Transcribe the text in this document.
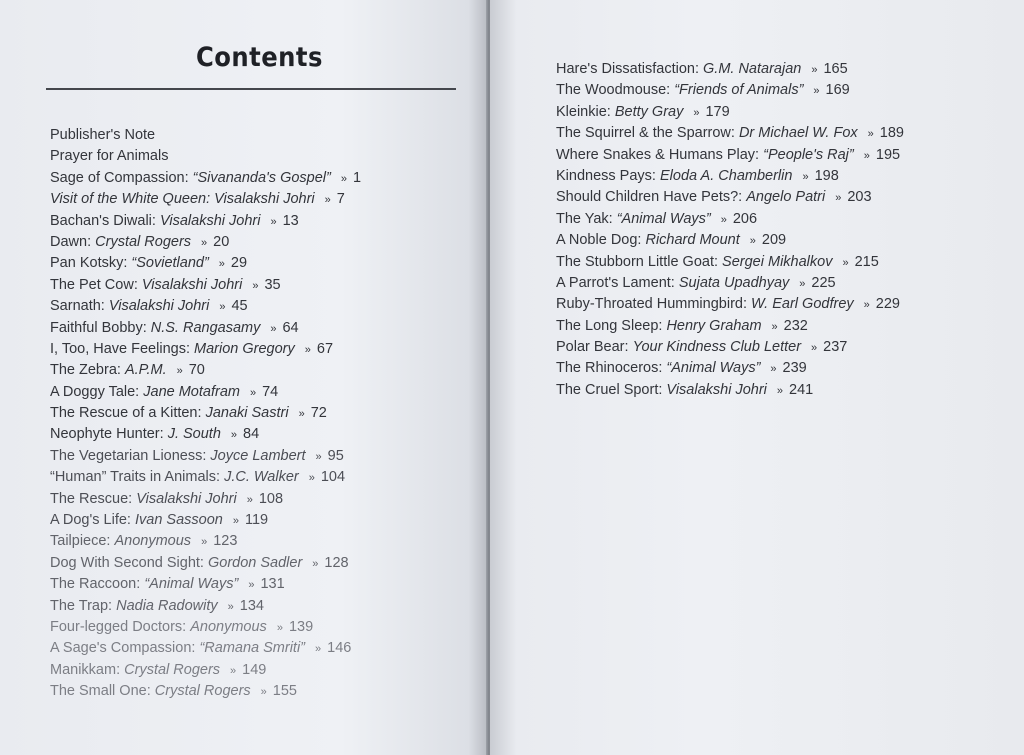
Contents
Publisher's Note
Prayer for Animals
Sage of Compassion: “Sivananda's Gospel” » 1
Visit of the White Queen: Visalakshi Johri » 7
Bachan's Diwali: Visalakshi Johri » 13
Dawn: Crystal Rogers » 20
Pan Kotsky: “Sovietland” » 29
The Pet Cow: Visalakshi Johri » 35
Sarnath: Visalakshi Johri » 45
Faithful Bobby: N.S. Rangasamy » 64
I, Too, Have Feelings: Marion Gregory » 67
The Zebra: A.P.M. » 70
A Doggy Tale: Jane Motafram » 74
The Rescue of a Kitten: Janaki Sastri » 72
Neophyte Hunter: J. South » 84
The Vegetarian Lioness: Joyce Lambert » 95
“Human” Traits in Animals: J.C. Walker » 104
The Rescue: Visalakshi Johri » 108
A Dog's Life: Ivan Sassoon » 119
Tailpiece: Anonymous » 123
Dog With Second Sight: Gordon Sadler » 128
The Raccoon: “Animal Ways” » 131
The Trap: Nadia Radowity » 134
Four-legged Doctors: Anonymous » 139
A Sage's Compassion: “Ramana Smriti” » 146
Manikkam: Crystal Rogers » 149
The Small One: Crystal Rogers » 155
Hare's Dissatisfaction: G.M. Natarajan » 165
The Woodmouse: “Friends of Animals” » 169
Kleinkie: Betty Gray » 179
The Squirrel & the Sparrow: Dr Michael W. Fox » 189
Where Snakes & Humans Play: “People's Raj” » 195
Kindness Pays: Eloda A. Chamberlin » 198
Should Children Have Pets?: Angelo Patri » 203
The Yak: “Animal Ways” » 206
A Noble Dog: Richard Mount » 209
The Stubborn Little Goat: Sergei Mikhalkov » 215
A Parrot's Lament: Sujata Upadhyay » 225
Ruby-Throated Hummingbird: W. Earl Godfrey » 229
The Long Sleep: Henry Graham » 232
Polar Bear: Your Kindness Club Letter » 237
The Rhinoceros: “Animal Ways” » 239
The Cruel Sport: Visalakshi Johri » 241
